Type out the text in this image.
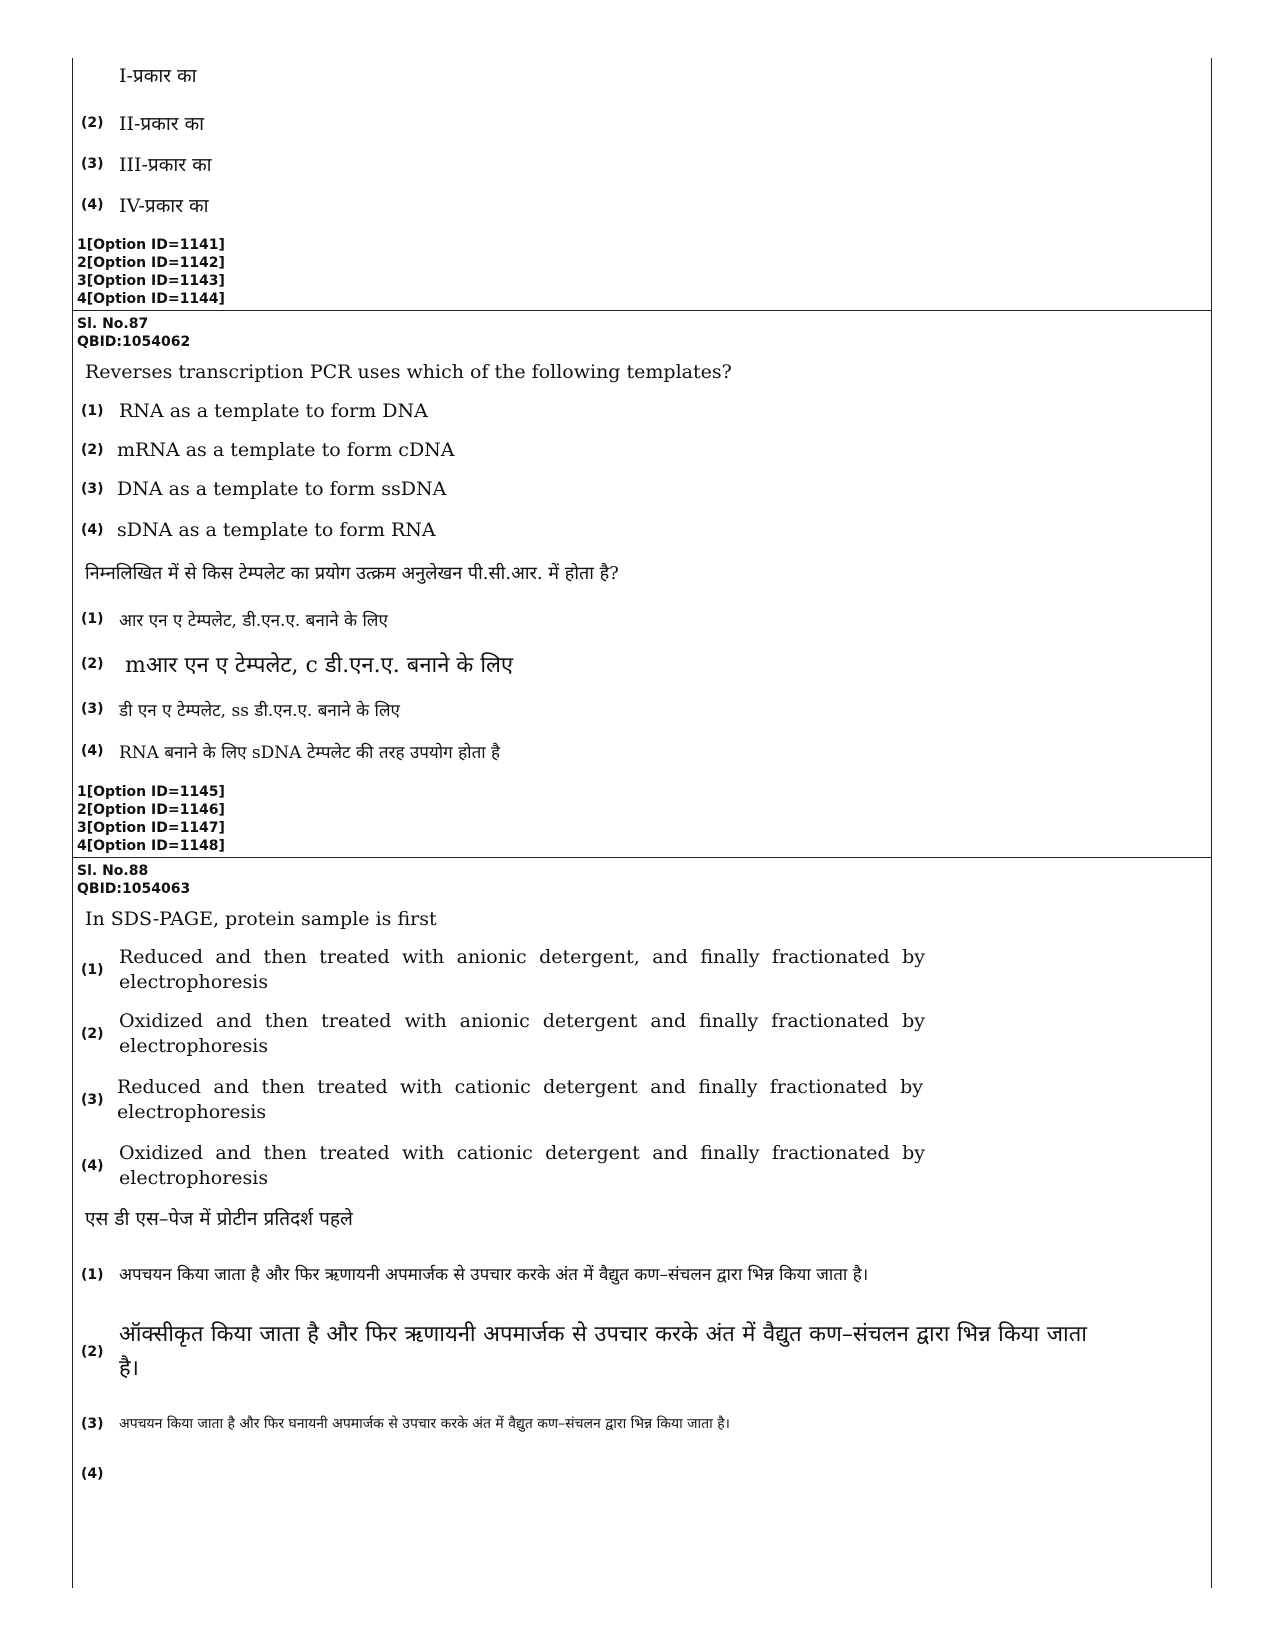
I-प्रकार का
(2) II-प्रकार का
(3) III-प्रकार का
(4) IV-प्रकार का
1[Option ID=1141]
2[Option ID=1142]
3[Option ID=1143]
4[Option ID=1144]
Sl. No.87
QBID:1054062
Reverses transcription PCR uses which of the following templates?
(1) RNA as a template to form DNA
(2) mRNA as a template to form cDNA
(3) DNA as a template to form ssDNA
(4) sDNA as a template to form RNA
निम्नलिखित में से किस टेम्पलेट का प्रयोग उत्क्रम अनुलेखन पी.सी.आर. में होता है?
(1) आर एन ए टेम्पलेट, डी.एन.ए. बनाने के लिए
(2) mआर एन ए टेम्पलेट, c डी.एन.ए. बनाने के लिए
(3) डी एन ए टेम्पलेट, ss डी.एन.ए. बनाने के लिए
(4) RNA बनाने के लिए sDNA टेम्पलेट की तरह उपयोग होता है
1[Option ID=1145]
2[Option ID=1146]
3[Option ID=1147]
4[Option ID=1148]
Sl. No.88
QBID:1054063
In SDS-PAGE, protein sample is first
(1)
Reduced and then treated with anionic detergent, and finally fractionated by electrophoresis
(2)
Oxidized and then treated with anionic detergent and finally fractionated by electrophoresis
(3)
Reduced and then treated with cationic detergent and finally fractionated by electrophoresis
(4)
Oxidized and then treated with cationic detergent and finally fractionated by electrophoresis
एस डी एस–पेज में प्रोटीन प्रतिदर्श पहले
(1) अपचयन किया जाता है और फिर ऋणायनी अपमार्जक से उपचार करके अंत में वैद्युत कण–संचलन द्वारा भिन्न किया जाता है।
(2)
ऑक्सीकृत किया जाता है और फिर ऋणायनी अपमार्जक से उपचार करके अंत में वैद्युत कण–संचलन द्वारा भिन्न किया जाता है।
(3)	अपचयन किया जाता है और फिर घनायनी अपमार्जक से उपचार करके अंत में वैद्युत कण–संचलन द्वारा भिन्न किया जाता है।
(4)
